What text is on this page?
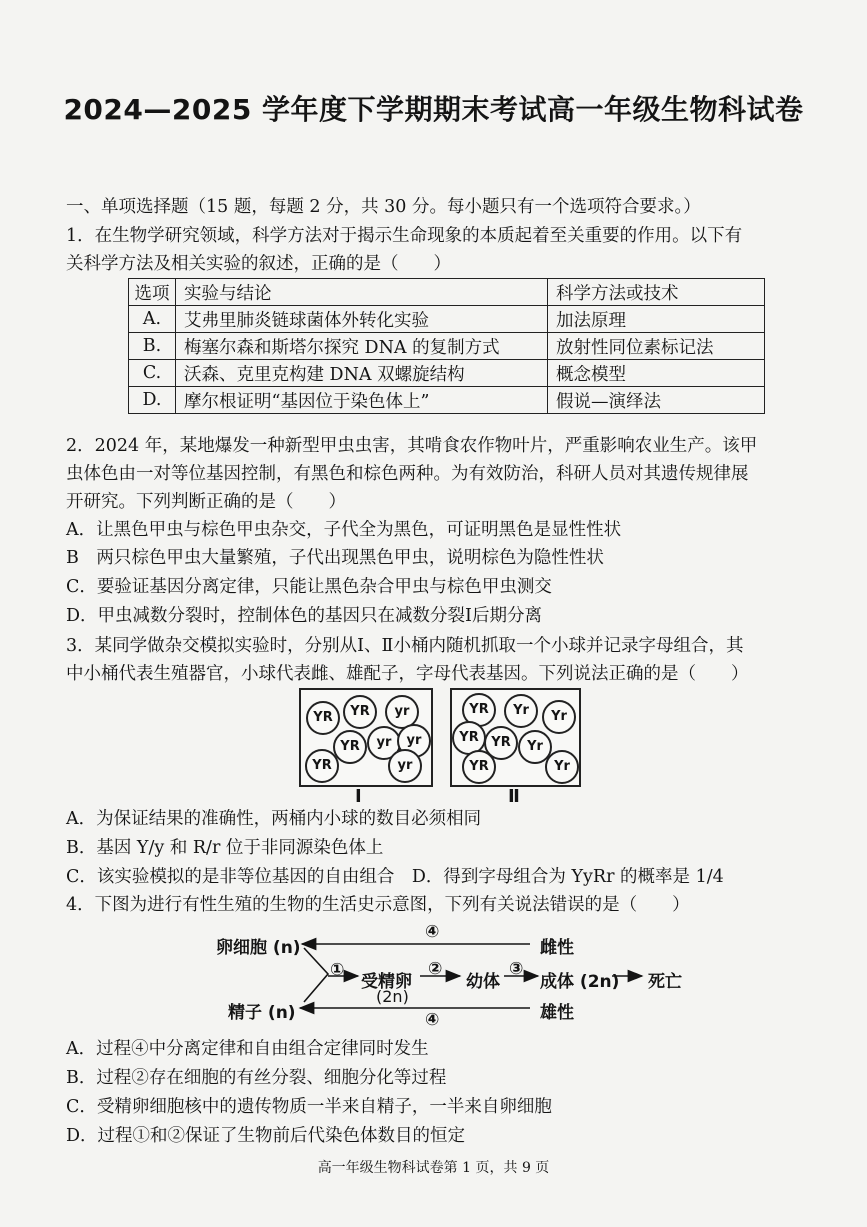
2024—2025 学年度下学期期末考试高一年级生物科试卷
一、单项选择题（15 题，每题 2 分，共 30 分。每小题只有一个选项符合要求。）
1．在生物学研究领域，科学方法对于揭示生命现象的本质起着至关重要的作用。以下有
关科学方法及相关实验的叙述，正确的是（　　）
选项	实验与结论	科学方法或技术
A.	艾弗里肺炎链球菌体外转化实验	加法原理
B.	梅塞尔森和斯塔尔探究 DNA 的复制方式	放射性同位素标记法
C.	沃森、克里克构建 DNA 双螺旋结构	概念模型
D.	摩尔根证明“基因位于染色体上”	假说—演绎法
2．2024 年，某地爆发一种新型甲虫虫害，其啃食农作物叶片，严重影响农业生产。该甲
虫体色由一对等位基因控制，有黑色和棕色两种。为有效防治，科研人员对其遗传规律展
开研究。下列判断正确的是（　　）
A．让黑色甲虫与棕色甲虫杂交，子代全为黑色，可证明黑色是显性性状
B　两只棕色甲虫大量繁殖，子代出现黑色甲虫，说明棕色为隐性性状
C．要验证基因分离定律，只能让黑色杂合甲虫与棕色甲虫测交
D．甲虫减数分裂时，控制体色的基因只在减数分裂Ⅰ后期分离
3．某同学做杂交模拟实验时，分别从Ⅰ、Ⅱ小桶内随机抓取一个小球并记录字母组合，其
中小桶代表生殖器官，小球代表雌、雄配子，字母代表基因。下列说法正确的是（　　）
YR	YR	yr
YR	yr	yr
YR	yr
Ⅰ
YR	Yr	Yr
YR YR	Yr
YR	Yr
Ⅱ
A．为保证结果的准确性，两桶内小球的数目必须相同
B．基因 Y/y 和 R/r 位于非同源染色体上
C．该实验模拟的是非等位基因的自由组合　D．得到字母组合为 YyRr 的概率是 1/4
4．下图为进行有性生殖的生物的生活史示意图，下列有关说法错误的是（　　）
卵细胞 (n)
精子 (n)
雌性
雄性
④
④
①
受精卵
(2n)
②
幼体
③
成体 (2n) 死亡
A．过程④中分离定律和自由组合定律同时发生
B．过程②存在细胞的有丝分裂、细胞分化等过程
C．受精卵细胞核中的遗传物质一半来自精子，一半来自卵细胞
D．过程①和②保证了生物前后代染色体数目的恒定
高一年级生物科试卷第 1 页，共 9 页
